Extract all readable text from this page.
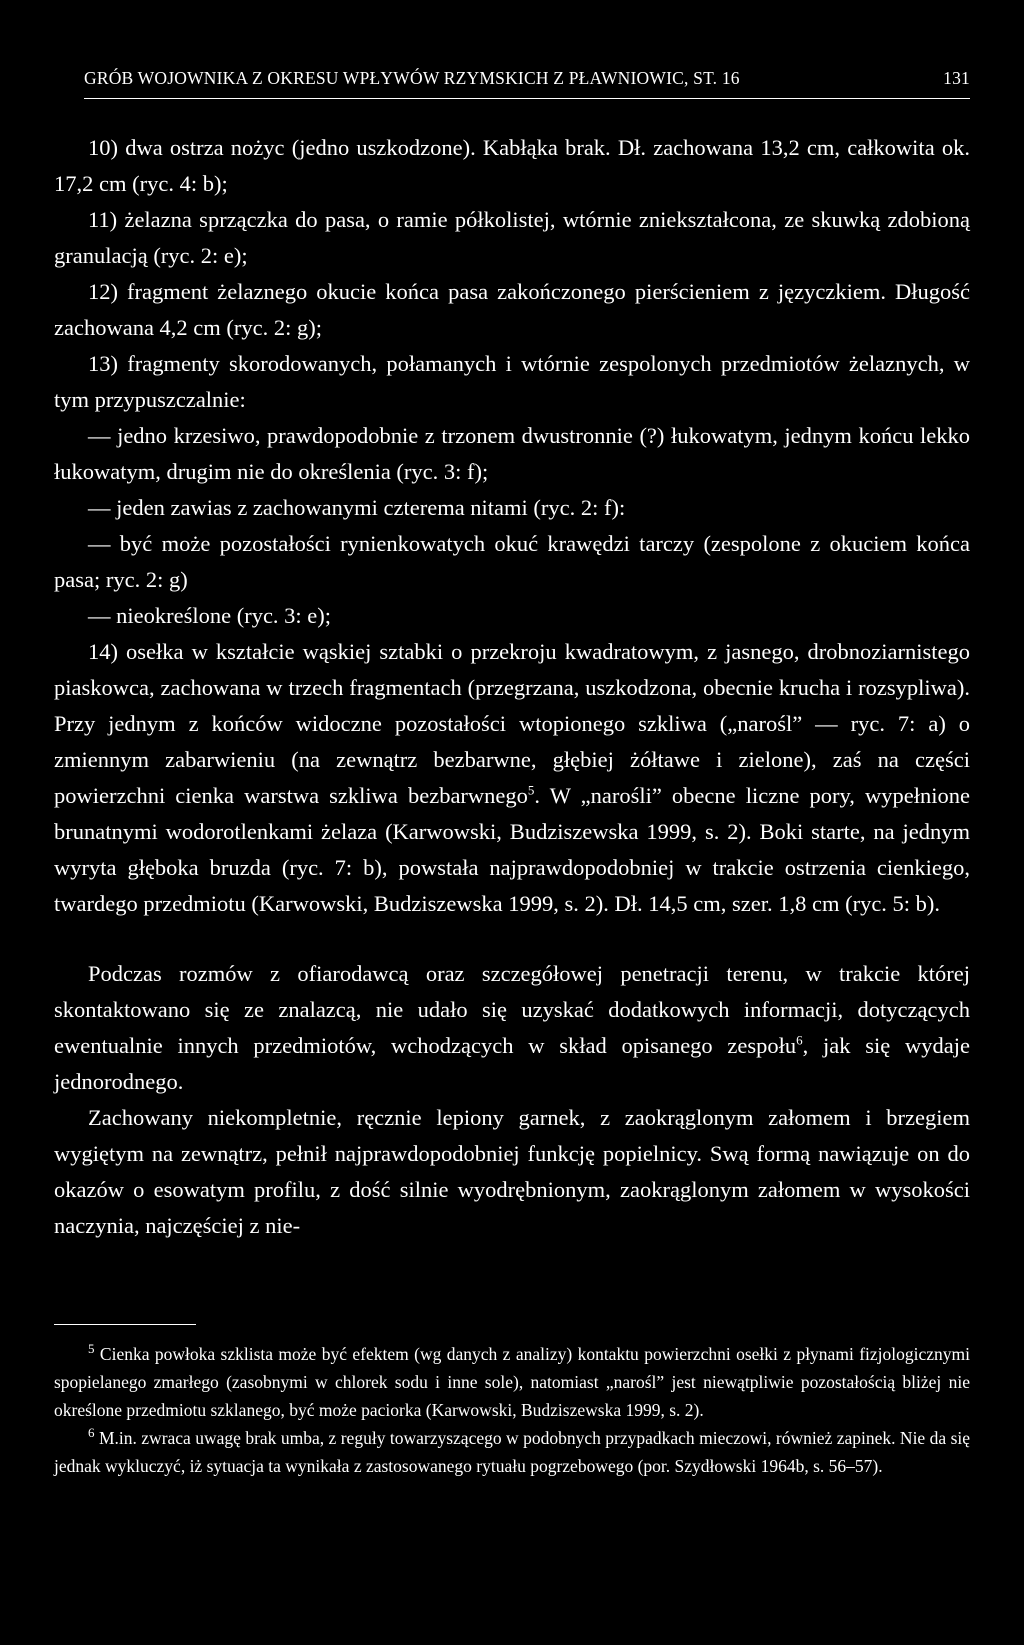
GRÓB WOJOWNIKA Z OKRESU WPŁYWÓW RZYMSKICH Z PŁAWNIOWIC, ST. 16	131

10) dwa ostrza nożyc (jedno uszkodzone). Kabłąka brak. Dł. zachowana 13,2 cm, całkowita ok. 17,2 cm (ryc. 4: b);

11) żelazna sprzączka do pasa, o ramie półkolistej, wtórnie zniekształcona, ze skuwką zdobioną granulacją (ryc. 2: e);

12) fragment żelaznego okucie końca pasa zakończonego pierścieniem z języczkiem. Długość zachowana 4,2 cm (ryc. 2: g);

13) fragmenty skorodowanych, połamanych i wtórnie zespolonych przedmiotów żelaznych, w tym przypuszczalnie:

— jedno krzesiwo, prawdopodobnie z trzonem dwustronnie (?) łukowatym, jednym końcu lekko łukowatym, drugim nie do określenia (ryc. 3: f);

— jeden zawias z zachowanymi czterema nitami (ryc. 2: f):

— być może pozostałości rynienkowatych okuć krawędzi tarczy (zespolone z okuciem końca pasa; ryc. 2: g)

— nieokreślone (ryc. 3: e);

14) osełka w kształcie wąskiej sztabki o przekroju kwadratowym, z jasnego, drobnoziarnistego piaskowca, zachowana w trzech fragmentach (przegrzana, uszkodzona, obecnie krucha i rozsypliwa). Przy jednym z końców widoczne pozostałości wtopionego szkliwa („narośl” — ryc. 7: a) o zmiennym zabarwieniu (na zewnątrz bezbarwne, głębiej żółtawe i zielone), zaś na części powierzchni cienka warstwa szkliwa bezbarwnego$^5$. W „narośli” obecne liczne pory, wypełnione brunatnymi wodorotlenkami żelaza (Karwowski, Budziszewska 1999, s. 2). Boki starte, na jednym wyryta głęboka bruzda (ryc. 7: b), powstała najprawdopodobniej w trakcie ostrzenia cienkiego, twardego przedmiotu (Karwowski, Budziszewska 1999, s. 2). Dł. 14,5 cm, szer. 1,8 cm (ryc. 5: b).

Podczas rozmów z ofiarodawcą oraz szczegółowej penetracji terenu, w trakcie której skontaktowano się ze znalazcą, nie udało się uzyskać dodatkowych informacji, dotyczących ewentualnie innych przedmiotów, wchodzących w skład opisanego zespołu$^6$, jak się wydaje jednorodnego.

Zachowany niekompletnie, ręcznie lepiony garnek, z zaokrąglonym załomem i brzegiem wygiętym na zewnątrz, pełnił najprawdopodobniej funkcję popielnicy. Swą formą nawiązuje on do okazów o esowatym profilu, z dość silnie wyodrębnionym, zaokrąglonym załomem w wysokości naczynia, najczęściej z nie-

$^5$ Cienka powłoka szklista może być efektem (wg danych z analizy) kontaktu powierzchni osełki z płynami fizjologicznymi spopielanego zmarłego (zasobnymi w chlorek sodu i inne sole), natomiast „narośl” jest niewątpliwie pozostałością bliżej nie określone przedmiotu szklanego, być może paciorka (Karwowski, Budziszewska 1999, s. 2).

$^6$ M.in. zwraca uwagę brak umba, z reguły towarzyszącego w podobnych przypadkach mieczowi, również zapinek. Nie da się jednak wykluczyć, iż sytuacja ta wynikała z zastosowanego rytuału pogrzebowego (por. Szydłowski 1964b, s. 56–57).
